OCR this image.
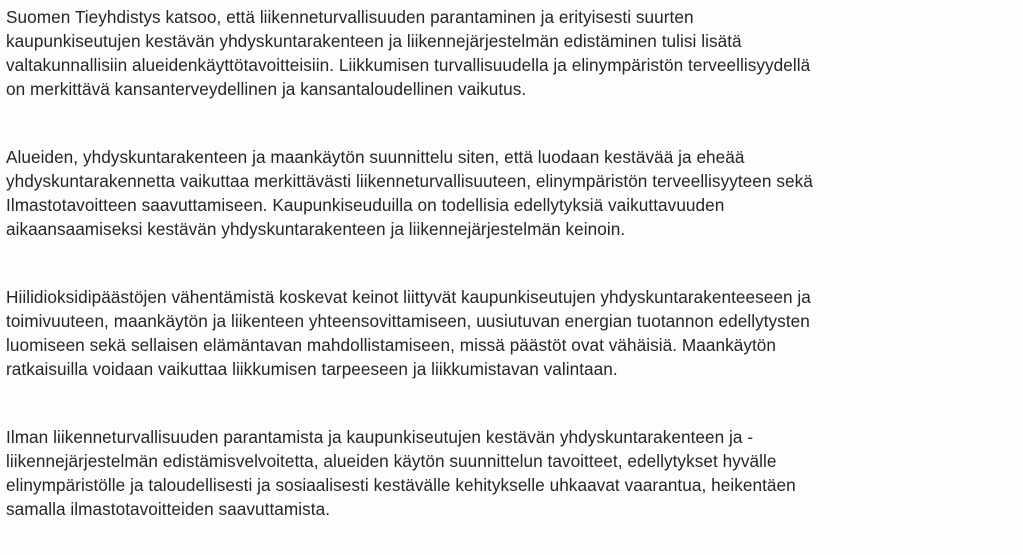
Suomen Tieyhdistys katsoo, että liikenneturvallisuuden parantaminen ja erityisesti suurten
kaupunkiseutujen kestävän yhdyskuntarakenteen ja liikennejärjestelmän edistäminen tulisi lisätä
valtakunnallisiin alueidenkäyttötavoitteisiin. Liikkumisen turvallisuudella ja elinympäristön terveellisyydellä
on merkittävä kansanterveydellinen ja kansantaloudellinen vaikutus.

Alueiden, yhdyskuntarakenteen ja maankäytön suunnittelu siten, että luodaan kestävää ja eheää
yhdyskuntarakennetta vaikuttaa merkittävästi liikenneturvallisuuteen, elinympäristön terveellisyyteen sekä
Ilmastotavoitteen saavuttamiseen. Kaupunkiseuduilla on todellisia edellytyksiä vaikuttavuuden
aikaansaamiseksi kestävän yhdyskuntarakenteen ja liikennejärjestelmän keinoin.

Hiilidioksidipäästöjen vähentämistä koskevat keinot liittyvät kaupunkiseutujen yhdyskuntarakenteeseen ja
toimivuuteen, maankäytön ja liikenteen yhteensovittamiseen, uusiutuvan energian tuotannon edellytysten
luomiseen sekä sellaisen elämäntavan mahdollistamiseen, missä päästöt ovat vähäisiä. Maankäytön
ratkaisuilla voidaan vaikuttaa liikkumisen tarpeeseen ja liikkumistavan valintaan.

Ilman liikenneturvallisuuden parantamista ja kaupunkiseutujen kestävän yhdyskuntarakenteen ja -
liikennejärjestelmän edistämisvelvoitetta, alueiden käytön suunnittelun tavoitteet, edellytykset hyvälle
elinympäristölle ja taloudellisesti ja sosiaalisesti kestävälle kehitykselle uhkaavat vaarantua, heikentäen
samalla ilmastotavoitteiden saavuttamista.
